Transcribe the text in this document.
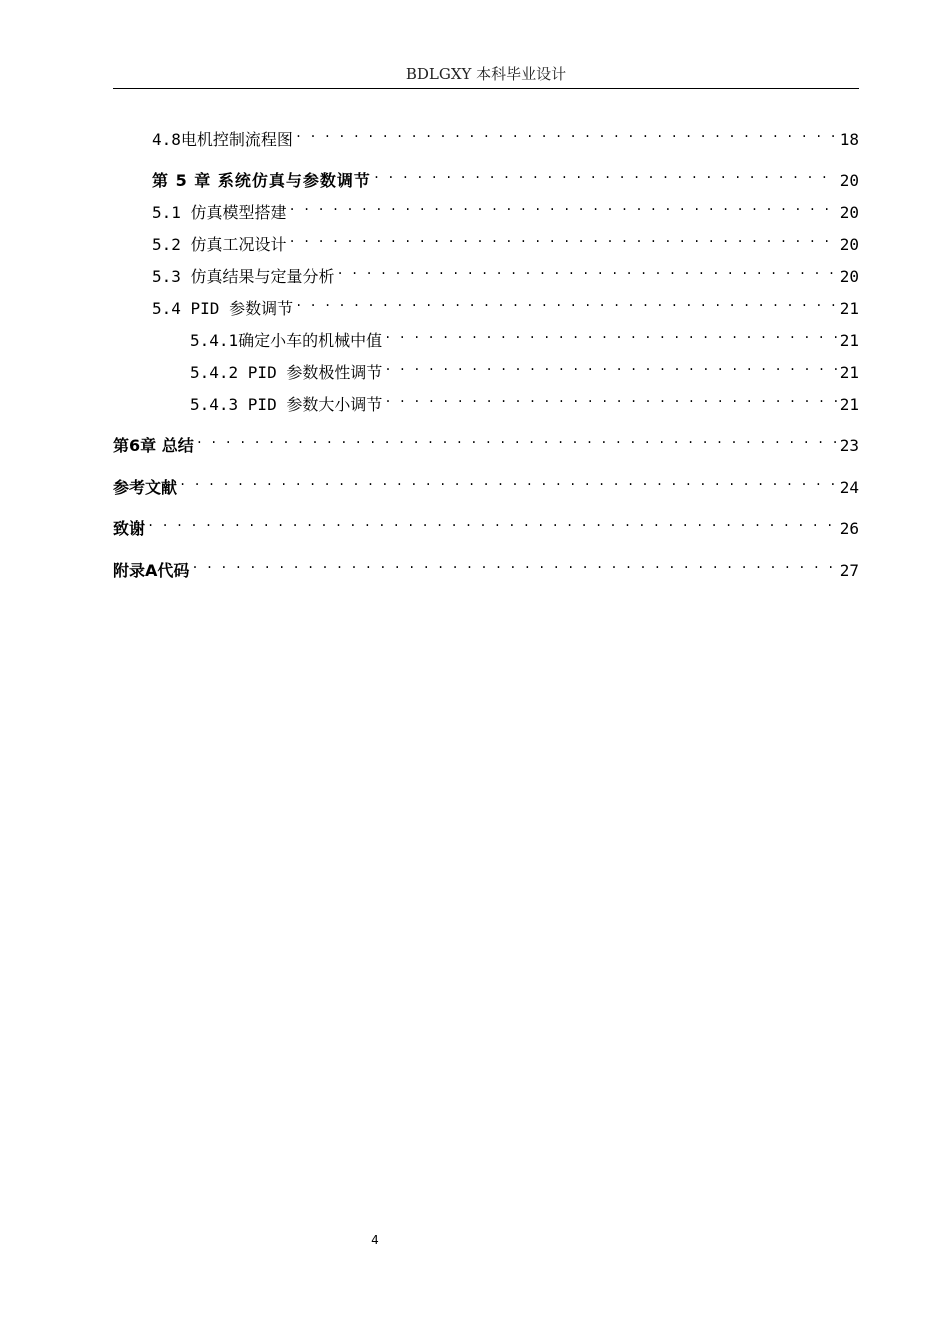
BDLGXY 本科毕业设计
4.8电机控制流程图 . . .	18
第 5 章 系统仿真与参数调节 . . .	20
5.1 仿真模型搭建 . . .	20
5.2 仿真工况设计 . . .	20
5.3 仿真结果与定量分析 . . .	20
5.4 PID 参数调节 . . .	21
5.4.1确定小车的机械中值 . . .	21
5.4.2 PID 参数极性调节 . . .	21
5.4.3 PID 参数大小调节 . . .	21
第6章 总结 . . .	23
参考文献 . . .	24
致谢 . . .	26
附录A代码 . . .	27
4
